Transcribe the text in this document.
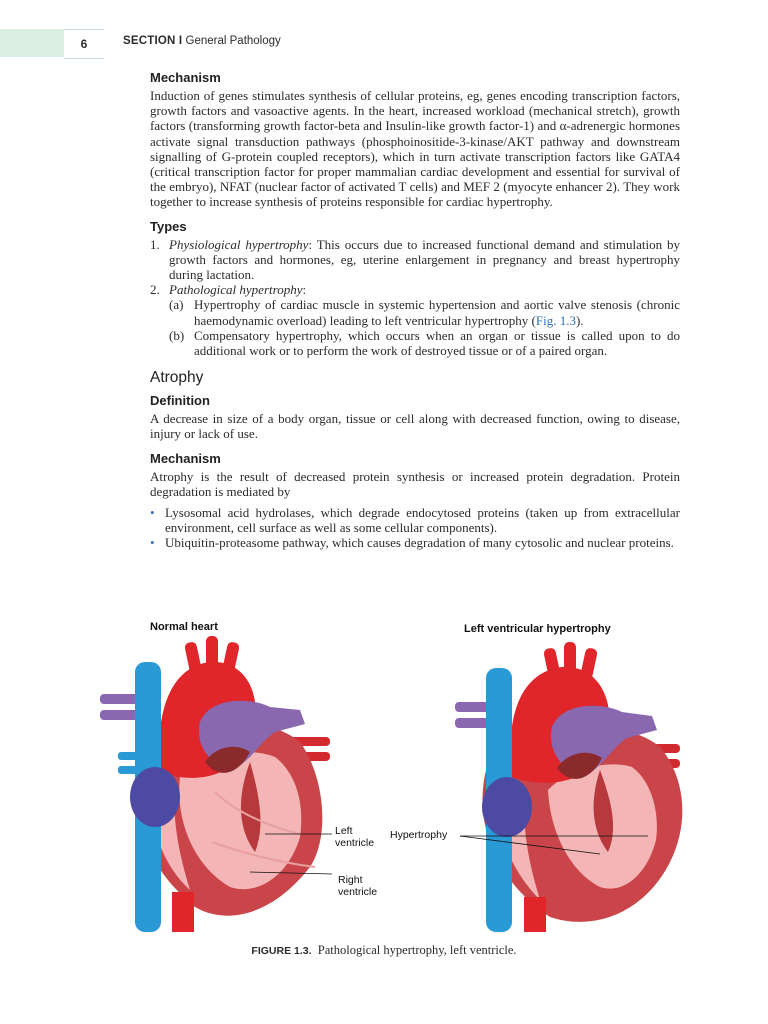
6	SECTION I General Pathology
Mechanism

Induction of genes stimulates synthesis of cellular proteins, eg, genes encoding transcription factors, growth factors and vasoactive agents. In the heart, increased workload (mechanical stretch), growth factors (transforming growth factor-beta and Insulin-like growth factor-1) and α-adrenergic hormones activate signal transduction pathways (phosphoinositide-3-kinase/AKT pathway and downstream signalling of G-protein coupled receptors), which in turn activate transcription factors like GATA4 (critical transcription factor for proper mammalian cardiac development and essential for survival of the embryo), NFAT (nuclear factor of activated T cells) and MEF 2 (myocyte enhancer 2). They work together to increase synthesis of proteins responsible for cardiac hypertrophy.

Types
1. Physiological hypertrophy: This occurs due to increased functional demand and stimulation by growth factors and hormones, eg, uterine enlargement in pregnancy and breast hypertrophy during lactation.
2. Pathological hypertrophy:
(a) Hypertrophy of cardiac muscle in systemic hypertension and aortic valve stenosis (chronic haemodynamic overload) leading to left ventricular hypertrophy (Fig. 1.3).
(b) Compensatory hypertrophy, which occurs when an organ or tissue is called upon to do additional work or to perform the work of destroyed tissue or of a paired organ.
Atrophy
Definition

A decrease in size of a body organ, tissue or cell along with decreased function, owing to disease, injury or lack of use.

Mechanism

Atrophy is the result of decreased protein synthesis or increased protein degradation. Protein degradation is mediated by

• Lysosomal acid hydrolases, which degrade endocytosed proteins (taken up from extracellular environment, cell surface as well as some cellular components).
• Ubiquitin-proteasome pathway, which causes degradation of many cytosolic and nuclear proteins.
Normal heart	Left ventricular hypertrophy
Left
ventricle
Right
ventricle
Hypertrophy
FIGURE 1.3. Pathological hypertrophy, left ventricle.
